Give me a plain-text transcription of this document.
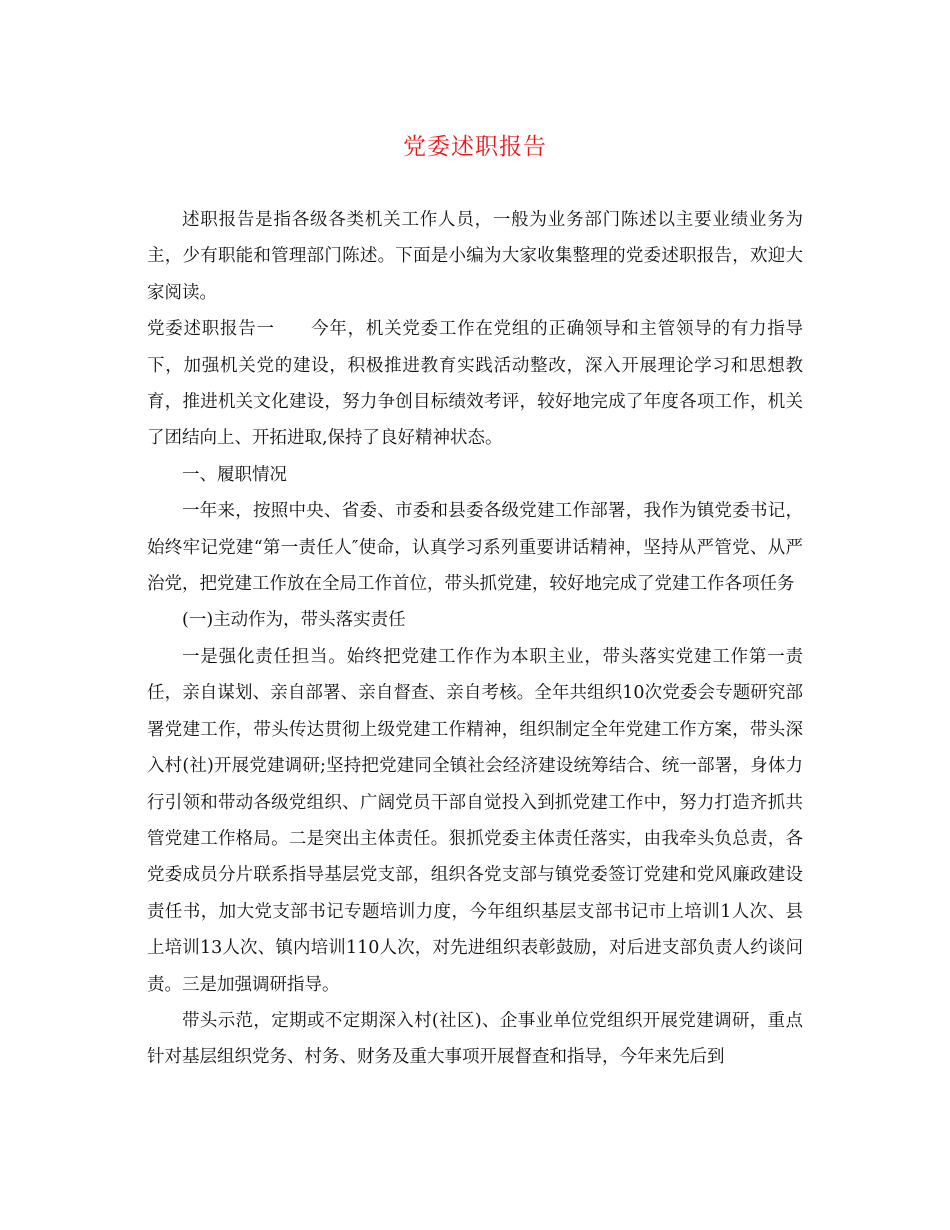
党委述职报告

述职报告是指各级各类机关工作人员，一般为业务部门陈述以主要业绩业务为主，少有职能和管理部门陈述。下面是小编为大家收集整理的党委述职报告，欢迎大家阅读。

党委述职报告一　　今年，机关党委工作在党组的正确领导和主管领导的有力指导下，加强机关党的建设，积极推进教育实践活动整改，深入开展理论学习和思想教育，推进机关文化建设，努力争创目标绩效考评，较好地完成了年度各项工作，机关了团结向上、开拓进取,保持了良好精神状态。

一、履职情况

一年来，按照中央、省委、市委和县委各级党建工作部署，我作为镇党委书记，始终牢记党建“第一责任人″使命，认真学习系列重要讲话精神，坚持从严管党、从严治党，把党建工作放在全局工作首位，带头抓党建，较好地完成了党建工作各项任务

(一)主动作为，带头落实责任

一是强化责任担当。始终把党建工作作为本职主业，带头落实党建工作第一责任，亲自谋划、亲自部署、亲自督查、亲自考核。全年共组织10次党委会专题研究部署党建工作，带头传达贯彻上级党建工作精神，组织制定全年党建工作方案，带头深入村(社)开展党建调研;坚持把党建同全镇社会经济建设统筹结合、统一部署，身体力行引领和带动各级党组织、广阔党员干部自觉投入到抓党建工作中，努力打造齐抓共管党建工作格局。二是突出主体责任。狠抓党委主体责任落实，由我牵头负总责，各党委成员分片联系指导基层党支部，组织各党支部与镇党委签订党建和党风廉政建设责任书，加大党支部书记专题培训力度，今年组织基层支部书记市上培训1人次、县上培训13人次、镇内培训110人次，对先进组织表彰鼓励，对后进支部负责人约谈问责。三是加强调研指导。

带头示范，定期或不定期深入村(社区)、企事业单位党组织开展党建调研，重点针对基层组织党务、村务、财务及重大事项开展督查和指导，今年来先后到
